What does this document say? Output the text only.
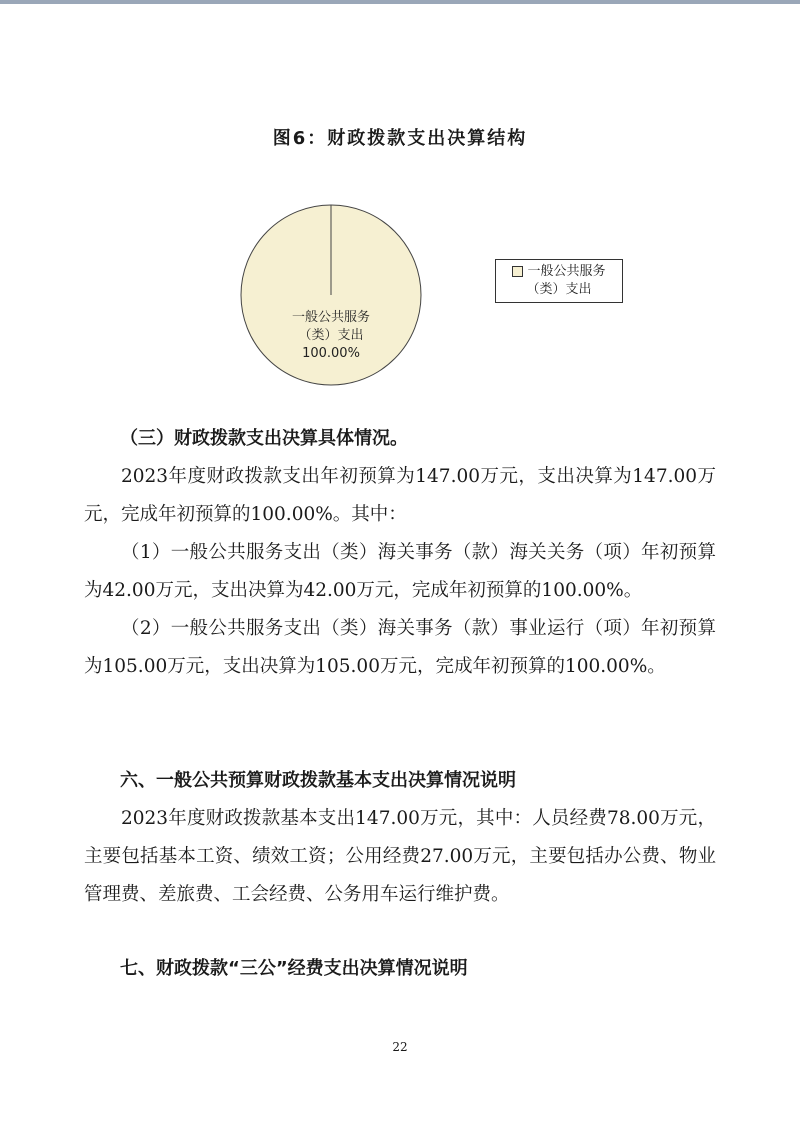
图6：财政拨款支出决算结构
一般公共服务
（类）支出
100.00%
一般公共服务
（类）支出
（三）财政拨款支出决算具体情况。
2023年度财政拨款支出年初预算为147.00万元，支出决算为147.00万元，完成年初预算的100.00%。其中：
（1）一般公共服务支出（类）海关事务（款）海关关务（项）年初预算为42.00万元，支出决算为42.00万元，完成年初预算的100.00%。
（2）一般公共服务支出（类）海关事务（款）事业运行（项）年初预算为105.00万元，支出决算为105.00万元，完成年初预算的100.00%。
六、一般公共预算财政拨款基本支出决算情况说明
2023年度财政拨款基本支出147.00万元，其中：人员经费78.00万元，主要包括基本工资、绩效工资；公用经费27.00万元，主要包括办公费、物业管理费、差旅费、工会经费、公务用车运行维护费。
七、财政拨款“三公”经费支出决算情况说明
22
